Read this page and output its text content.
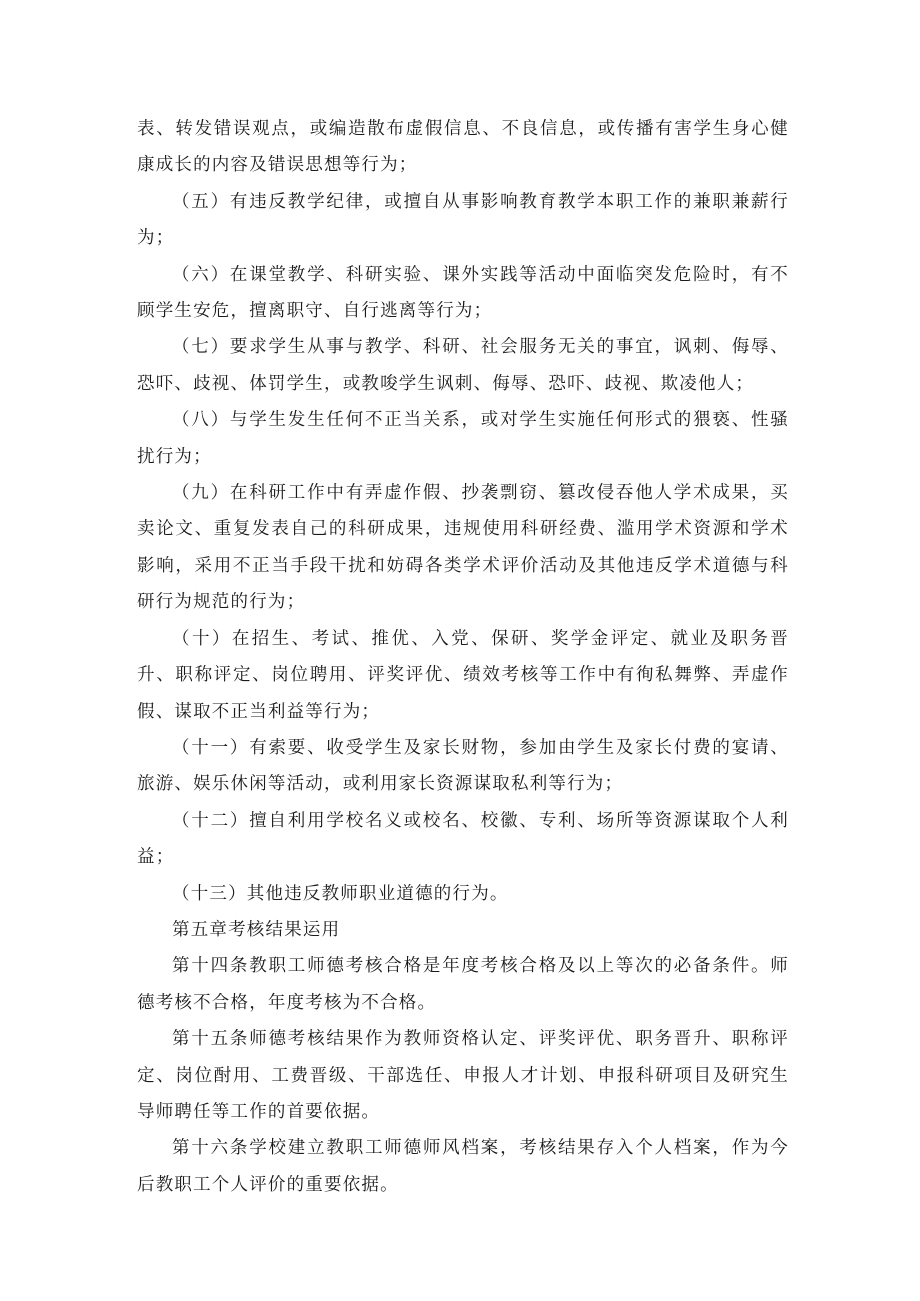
表、转发错误观点，或编造散布虚假信息、不良信息，或传播有害学生身心健康成长的内容及错误思想等行为；

（五）有违反教学纪律，或擅自从事影响教育教学本职工作的兼职兼薪行为；

（六）在课堂教学、科研实验、课外实践等活动中面临突发危险时，有不顾学生安危，擅离职守、自行逃离等行为；

（七）要求学生从事与教学、科研、社会服务无关的事宜，讽刺、侮辱、恐吓、歧视、体罚学生，或教唆学生讽刺、侮辱、恐吓、歧视、欺凌他人；

（八）与学生发生任何不正当关系，或对学生实施任何形式的猥亵、性骚扰行为；

（九）在科研工作中有弄虚作假、抄袭剽窃、篡改侵吞他人学术成果，买卖论文、重复发表自己的科研成果，违规使用科研经费、滥用学术资源和学术影响，采用不正当手段干扰和妨碍各类学术评价活动及其他违反学术道德与科研行为规范的行为；

（十）在招生、考试、推优、入党、保研、奖学金评定、就业及职务晋升、职称评定、岗位聘用、评奖评优、绩效考核等工作中有徇私舞弊、弄虚作假、谋取不正当利益等行为；

（十一）有索要、收受学生及家长财物，参加由学生及家长付费的宴请、旅游、娱乐休闲等活动，或利用家长资源谋取私利等行为；

（十二）擅自利用学校名义或校名、校徽、专利、场所等资源谋取个人利益；

（十三）其他违反教师职业道德的行为。

第五章考核结果运用

第十四条教职工师德考核合格是年度考核合格及以上等次的必备条件。师德考核不合格，年度考核为不合格。

第十五条师德考核结果作为教师资格认定、评奖评优、职务晋升、职称评定、岗位酎用、工费晋级、干部选任、申报人才计划、申报科研项目及研究生导师聘任等工作的首要依据。

第十六条学校建立教职工师德师风档案，考核结果存入个人档案，作为今后教职工个人评价的重要依据。
